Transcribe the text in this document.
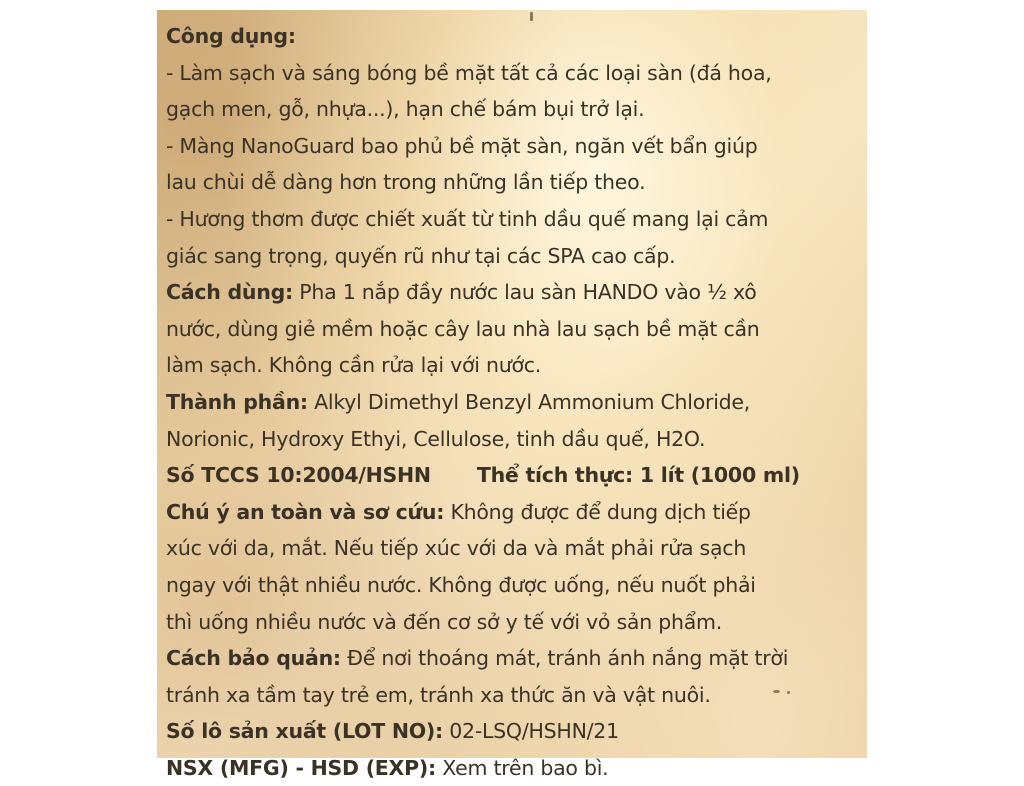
Công dụng:
- Làm sạch và sáng bóng bề mặt tất cả các loại sàn (đá hoa,
gạch men, gỗ, nhựa...), hạn chế bám bụi trở lại.
- Màng NanoGuard bao phủ bề mặt sàn, ngăn vết bẩn giúp
lau chùi dễ dàng hơn trong những lần tiếp theo.
- Hương thơm được chiết xuất từ tinh dầu quế mang lại cảm
giác sang trọng, quyến rũ như tại các SPA cao cấp.
Cách dùng: Pha 1 nắp đầy nước lau sàn HANDO vào ½ xô
nước, dùng giẻ mềm hoặc cây lau nhà lau sạch bề mặt cần
làm sạch. Không cần rửa lại với nước.
Thành phần: Alkyl Dimethyl Benzyl Ammonium Chloride,
Norionic, Hydroxy Ethyi, Cellulose, tinh dầu quế, H2O.
Số TCCS 10:2004/HSHN Thể tích thực: 1 lít (1000 ml)
Chú ý an toàn và sơ cứu: Không được để dung dịch tiếp
xúc với da, mắt. Nếu tiếp xúc với da và mắt phải rửa sạch
ngay với thật nhiều nước. Không được uống, nếu nuốt phải
thì uống nhiều nước và đến cơ sở y tế với vỏ sản phẩm.
Cách bảo quản: Để nơi thoáng mát, tránh ánh nắng mặt trời
tránh xa tầm tay trẻ em, tránh xa thức ăn và vật nuôi.
Số lô sản xuất (LOT NO): 02-LSQ/HSHN/21
NSX (MFG) - HSD (EXP): Xem trên bao bì.
